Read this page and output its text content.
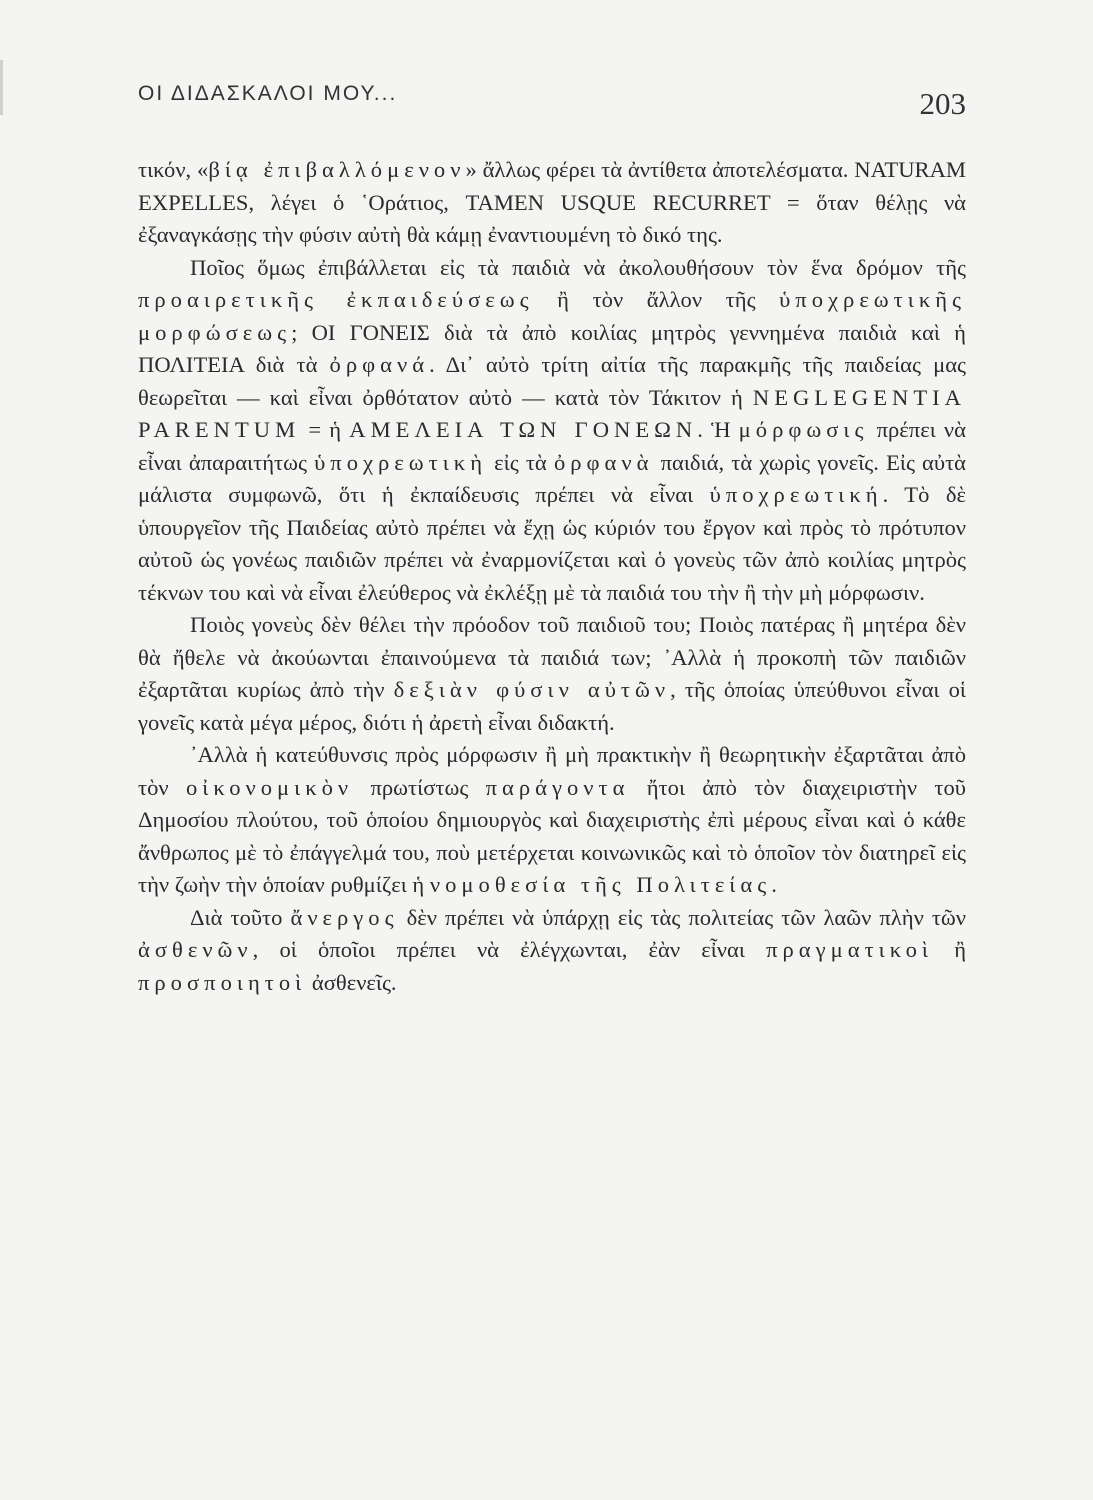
ΟΙ ΔΙΔΑΣΚΑΛΟΙ ΜΟΥ...	203

τικόν, «βίᾳ ἐπιβαλλόμενον» ἄλλως φέρει τὰ ἀντίθετα ἀποτελέσματα. NATURAM EXPELLES, λέγει ὁ ῾Οράτιος, TAMEN USQUE RECURRET = ὅταν θέλῃς νὰ ἐξαναγκάσῃς τὴν φύσιν αὐτὴ θὰ κάμῃ ἐναντιουμένη τὸ δικό της.

Ποῖος ὅμως ἐπιβάλλεται εἰς τὰ παιδιὰ νὰ ἀκολουθήσουν τὸν ἕνα δρόμον τῆς προαιρετικῆς ἐκπαιδεύσεως ἢ τὸν ἄλλον τῆς ὑποχρεωτικῆς μορφώσεως; ΟΙ ΓΟΝΕΙΣ διὰ τὰ ἀπὸ κοιλίας μητρὸς γεννημένα παιδιὰ καὶ ἡ ΠΟΛΙΤΕΙΑ διὰ τὰ ὀρφανά. Δι᾽ αὐτὸ τρίτη αἰτία τῆς παρακμῆς τῆς παιδείας μας θεωρεῖται — καὶ εἶναι ὀρθότατον αὐτὸ — κατὰ τὸν Τάκιτον ἡ NEGLEGENTIA PARENTUM = ἡ ΑΜΕΛΕΙΑ ΤΩΝ ΓΟΝΕΩΝ. Ἡ μόρφωσις πρέπει νὰ εἶναι ἀπαραιτήτως ὑποχρεωτικὴ εἰς τὰ ὀρφανὰ παιδιά, τὰ χωρὶς γονεῖς. Εἰς αὐτὰ μάλιστα συμφωνῶ, ὅτι ἡ ἐκπαίδευσις πρέπει νὰ εἶναι ὑποχρεωτική. Τὸ δὲ ὑπουργεῖον τῆς Παιδείας αὐτὸ πρέπει νὰ ἔχῃ ὡς κύριόν του ἔργον καὶ πρὸς τὸ πρότυπον αὐτοῦ ὡς γονέως παιδιῶν πρέπει νὰ ἐναρμονίζεται καὶ ὁ γονεὺς τῶν ἀπὸ κοιλίας μητρὸς τέκνων του καὶ νὰ εἶναι ἐλεύθερος νὰ ἐκλέξῃ μὲ τὰ παιδιά του τὴν ἢ τὴν μὴ μόρφωσιν.

Ποιὸς γονεὺς δὲν θέλει τὴν πρόοδον τοῦ παιδιοῦ του; Ποιὸς πατέρας ἢ μητέρα δὲν θὰ ἤθελε νὰ ἀκούωνται ἐπαινούμενα τὰ παιδιά των; ᾿Αλλὰ ἡ προκοπὴ τῶν παιδιῶν ἐξαρτᾶται κυρίως ἀπὸ τὴν δεξιὰν φύσιν αὐτῶν, τῆς ὁποίας ὑπεύθυνοι εἶναι οἱ γονεῖς κατὰ μέγα μέρος, διότι ἡ ἀρετὴ εἶναι διδακτή.

᾿Αλλὰ ἡ κατεύθυνσις πρὸς μόρφωσιν ἢ μὴ πρακτικὴν ἢ θεωρητικὴν ἐξαρτᾶται ἀπὸ τὸν οἰκονομικὸν πρωτίστως παράγοντα ἤτοι ἀπὸ τὸν διαχειριστὴν τοῦ Δημοσίου πλούτου, τοῦ ὁποίου δημιουργὸς καὶ διαχειριστὴς ἐπὶ μέρους εἶναι καὶ ὁ κάθε ἄνθρωπος μὲ τὸ ἐπάγγελμά του, ποὺ μετέρχεται κοινωνικῶς καὶ τὸ ὁποῖον τὸν διατηρεῖ εἰς τὴν ζωὴν τὴν ὁποίαν ρυθμίζει ἡ νομοθεσία τῆς Πολιτείας.

Διὰ τοῦτο ἄνεργος δὲν πρέπει νὰ ὑπάρχῃ εἰς τὰς πολιτείας τῶν λαῶν πλὴν τῶν ἀσθενῶν, οἱ ὁποῖοι πρέπει νὰ ἐλέγχωνται, ἐὰν εἶναι πραγματικοὶ ἢ προσποιητοὶ ἀσθενεῖς.
